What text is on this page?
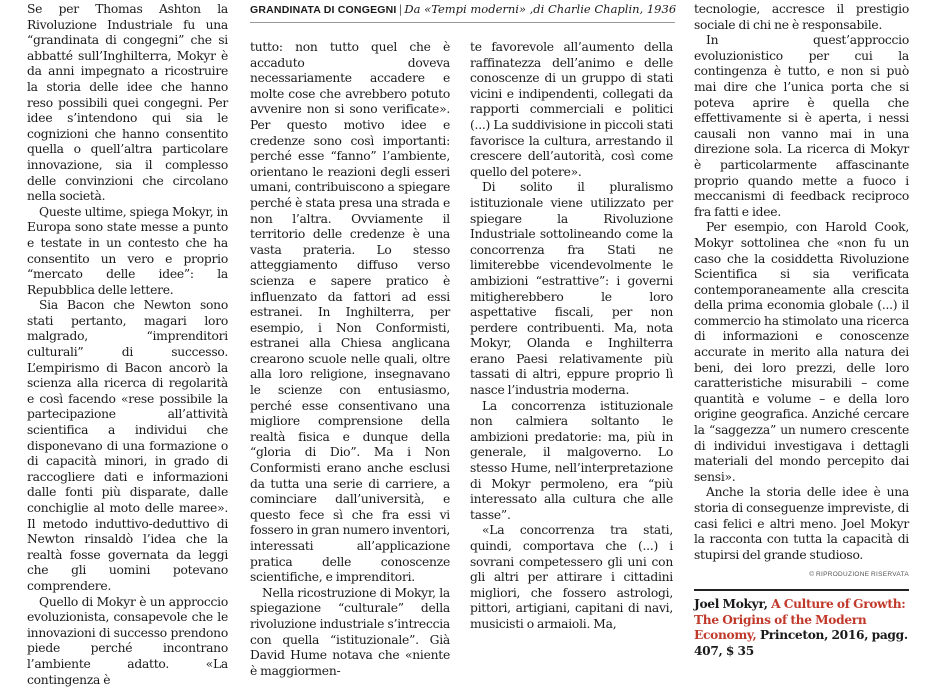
GRANDINATA DI CONGEGNI | Da «Tempi moderni» ,di Charlie Chaplin, 1936

Se per Thomas Ashton la Rivoluzione Industriale fu una “grandinata di congegni” che si abbatté sull’Inghilterra, Mokyr è da anni impegnato a ricostruire la storia delle idee che hanno reso possibili quei congegni. Per idee s’intendono qui sia le cognizioni che hanno consentito quella o quell’altra particolare innovazione, sia il complesso delle convinzioni che circolano nella società.

Queste ultime, spiega Mokyr, in Europa sono state messe a punto e testate in un contesto che ha consentito un vero e proprio “mercato delle idee”: la Repubblica delle lettere.

Sia Bacon che Newton sono stati pertanto, magari loro malgrado, “imprenditori culturali” di successo. L’empirismo di Bacon ancorò la scienza alla ricerca di regolarità e così facendo «rese possibile la partecipazione all’attività scientifica a individui che disponevano di una formazione o di capacità minori, in grado di raccogliere dati e informazioni dalle fonti più disparate, dalle conchiglie al moto delle maree». Il metodo induttivo-deduttivo di Newton rinsaldò l’idea che la realtà fosse governata da leggi che gli uomini potevano comprendere.

Quello di Mokyr è un approccio evoluzionista, consapevole che le innovazioni di successo prendono piede perché incontrano l’ambiente adatto. «La contingenza è

tutto: non tutto quel che è accaduto doveva necessariamente accadere e molte cose che avrebbero potuto avvenire non si sono verificate». Per questo motivo idee e credenze sono così importanti: perché esse “fanno” l’ambiente, orientano le reazioni degli esseri umani, contribuiscono a spiegare perché è stata presa una strada e non l’altra. Ovviamente il territorio delle credenze è una vasta prateria. Lo stesso atteggiamento diffuso verso scienza e sapere pratico è influenzato da fattori ad essi estranei. In Inghilterra, per esempio, i Non Conformisti, estranei alla Chiesa anglicana crearono scuole nelle quali, oltre alla loro religione, insegnavano le scienze con entusiasmo, perché esse consentivano una migliore comprensione della realtà fisica e dunque della “gloria di Dio”. Ma i Non Conformisti erano anche esclusi da tutta una serie di carriere, a cominciare dall’università, e questo fece sì che fra essi vi fossero in gran numero inventori, interessati all’applicazione pratica delle conoscenze scientifiche, e imprenditori.

Nella ricostruzione di Mokyr, la spiegazione “culturale” della rivoluzione industriale s’intreccia con quella “istituzionale”. Già David Hume notava che «niente è maggiormen-

te favorevole all’aumento della raffinatezza dell’animo e delle conoscenze di un gruppo di stati vicini e indipendenti, collegati da rapporti commerciali e politici (...) La suddivisione in piccoli stati favorisce la cultura, arrestando il crescere dell’autorità, così come quello del potere».

Di solito il pluralismo istituzionale viene utilizzato per spiegare la Rivoluzione Industriale sottolineando come la concorrenza fra Stati ne limiterebbe vicendevolmente le ambizioni “estrattive”: i governi mitigherebbero le loro aspettative fiscali, per non perdere contribuenti. Ma, nota Mokyr, Olanda e Inghilterra erano Paesi relativamente più tassati di altri, eppure proprio lì nasce l’industria moderna.

La concorrenza istituzionale non calmiera soltanto le ambizioni predatorie: ma, più in generale, il malgoverno. Lo stesso Hume, nell’interpretazione di Mokyr permoleno, era “più interessato alla cultura che alle tasse”.

«La concorrenza tra stati, quindi, comportava che (...) i sovrani competessero gli uni con gli altri per attirare i cittadini migliori, che fossero astrologi, pittori, artigiani, capitani di navi, musicisti o armaioli. Ma,

tecnologie, accresce il prestigio sociale di chi ne è responsabile.

In quest’approccio evoluzionistico per cui la contingenza è tutto, e non si può mai dire che l’unica porta che si poteva aprire è quella che effettivamente si è aperta, i nessi causali non vanno mai in una direzione sola. La ricerca di Mokyr è particolarmente affascinante proprio quando mette a fuoco i meccanismi di feedback reciproco fra fatti e idee.

Per esempio, con Harold Cook, Mokyr sottolinea che «non fu un caso che la cosiddetta Rivoluzione Scientifica si sia verificata contemporaneamente alla crescita della prima economia globale (...) il commercio ha stimolato una ricerca di informazioni e conoscenze accurate in merito alla natura dei beni, dei loro prezzi, delle loro caratteristiche misurabili – come quantità e volume – e della loro origine geografica. Anziché cercare la “saggezza” un numero crescente di individui investigava i dettagli materiali del mondo percepito dai sensi».

Anche la storia delle idee è una storia di conseguenze impreviste, di casi felici e altri meno. Joel Mokyr la racconta con tutta la capacità di stupirsi del grande studioso.

© RIPRODUZIONE RISERVATA
Joel Mokyr, A Culture of Growth: The Origins of the Modern Economy, Princeton, 2016, pagg. 407, $ 35
